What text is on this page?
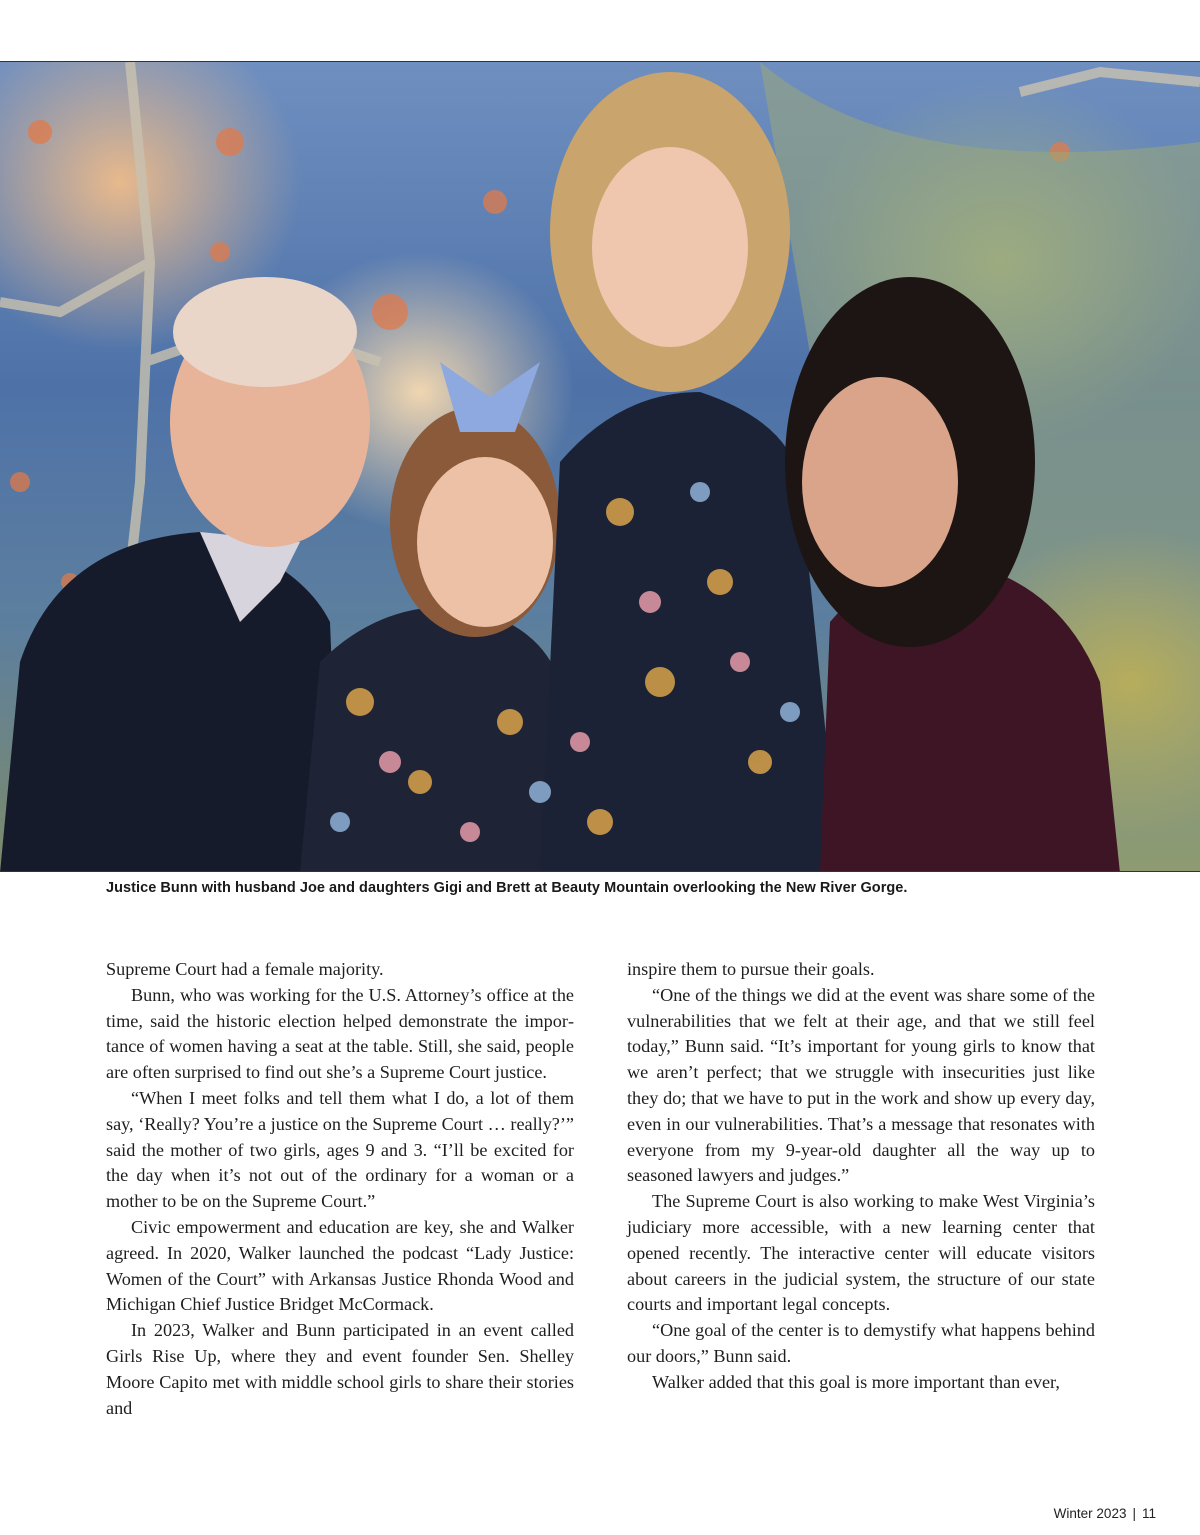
Justice Bunn with husband Joe and daughters Gigi and Brett at Beauty Mountain overlooking the New River Gorge.

Supreme Court had a female majority.

Bunn, who was working for the U.S. Attorney’s office at the time, said the historic election helped demonstrate the importance of women having a seat at the table. Still, she said, people are often surprised to find out she’s a Supreme Court justice.

“When I meet folks and tell them what I do, a lot of them say, ‘Really? You’re a justice on the Supreme Court … really?’” said the mother of two girls, ages 9 and 3. “I’ll be excited for the day when it’s not out of the ordinary for a woman or a mother to be on the Supreme Court.”

Civic empowerment and education are key, she and Walker agreed. In 2020, Walker launched the podcast “Lady Justice: Women of the Court” with Arkansas Justice Rhonda Wood and Michigan Chief Justice Bridget McCormack.

In 2023, Walker and Bunn participated in an event called Girls Rise Up, where they and event founder Sen. Shelley Moore Capito met with middle school girls to share their stories and

inspire them to pursue their goals.

“One of the things we did at the event was share some of the vulnerabilities that we felt at their age, and that we still feel today,” Bunn said. “It’s important for young girls to know that we aren’t perfect; that we struggle with insecurities just like they do; that we have to put in the work and show up every day, even in our vulnerabilities. That’s a message that resonates with everyone from my 9-year-old daughter all the way up to seasoned lawyers and judges.”

The Supreme Court is also working to make West Virginia’s judiciary more accessible, with a new learning center that opened recently. The interactive center will educate visitors about careers in the judicial system, the structure of our state courts and important legal concepts.

“One goal of the center is to demystify what happens behind our doors,” Bunn said.

Walker added that this goal is more important than ever,

Winter 2023 | 11
